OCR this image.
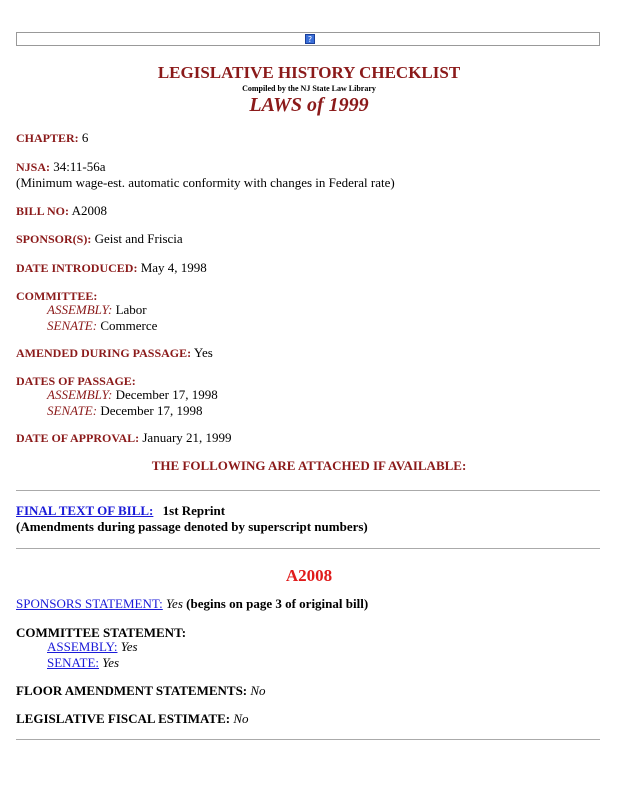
?
LEGISLATIVE HISTORY CHECKLIST
Compiled by the NJ State Law Library
LAWS of 1999
CHAPTER: 6
NJSA: 34:11-56a
(Minimum wage-est. automatic conformity with changes in Federal rate)
BILL NO: A2008
SPONSOR(S): Geist and Friscia
DATE INTRODUCED: May 4, 1998
COMMITTEE:
ASSEMBLY: Labor
SENATE: Commerce
AMENDED DURING PASSAGE: Yes
DATES OF PASSAGE:
ASSEMBLY: December 17, 1998
SENATE: December 17, 1998
DATE OF APPROVAL: January 21, 1999
THE FOLLOWING ARE ATTACHED IF AVAILABLE:
FINAL TEXT OF BILL: 1st Reprint
(Amendments during passage denoted by superscript numbers)
A2008
SPONSORS STATEMENT: Yes (begins on page 3 of original bill)
COMMITTEE STATEMENT:
ASSEMBLY: Yes
SENATE: Yes
FLOOR AMENDMENT STATEMENTS: No
LEGISLATIVE FISCAL ESTIMATE: No
